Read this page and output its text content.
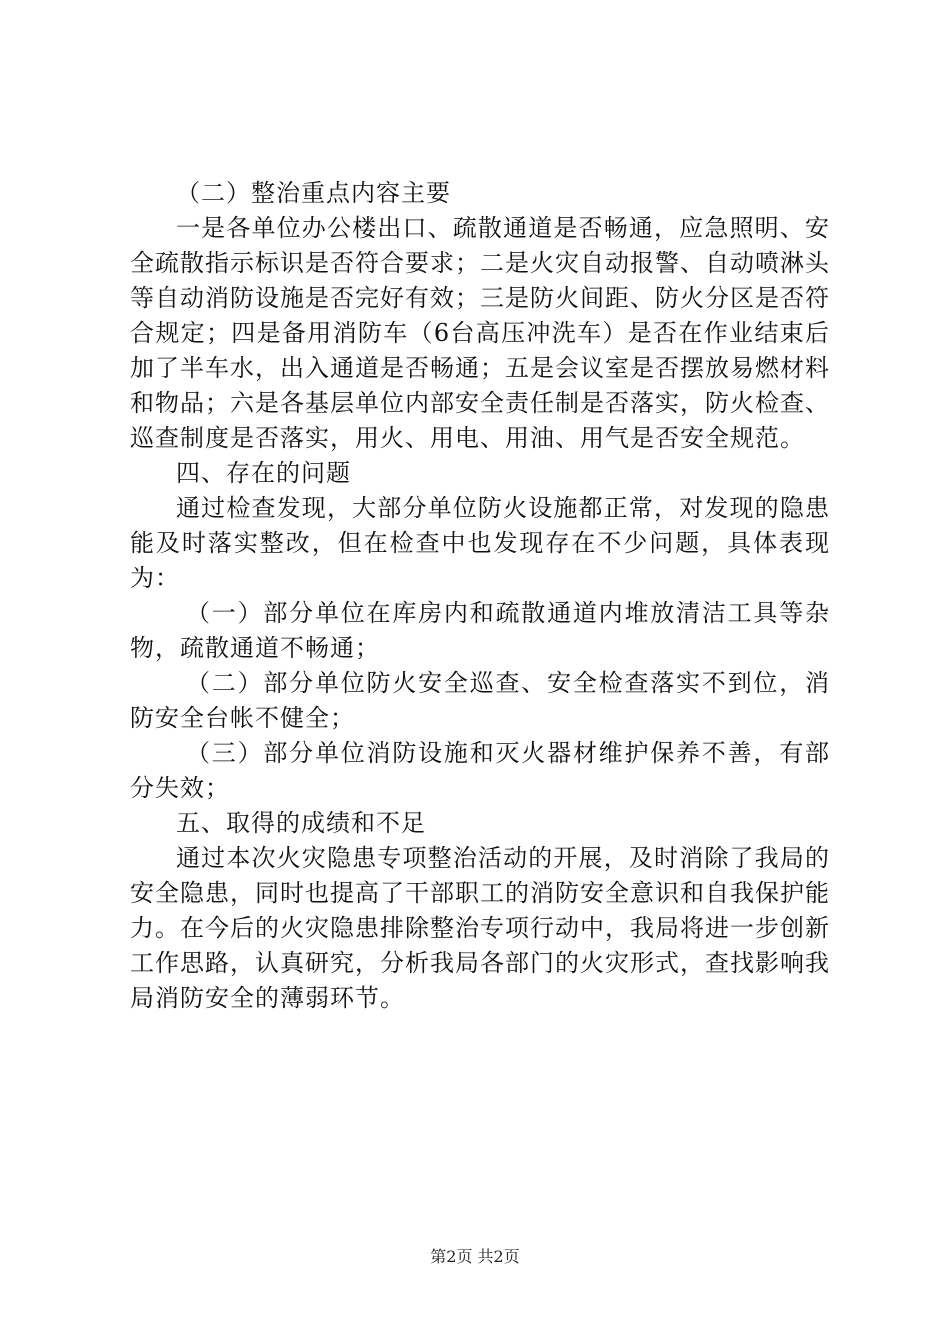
（二）整治重点内容主要

一是各单位办公楼出口、疏散通道是否畅通，应急照明、安全疏散指示标识是否符合要求；二是火灾自动报警、自动喷淋头等自动消防设施是否完好有效；三是防火间距、防火分区是否符合规定；四是备用消防车（6台高压冲洗车）是否在作业结束后加了半车水，出入通道是否畅通；五是会议室是否摆放易燃材料和物品；六是各基层单位内部安全责任制是否落实，防火检查、巡查制度是否落实，用火、用电、用油、用气是否安全规范。

四、存在的问题

通过检查发现，大部分单位防火设施都正常，对发现的隐患能及时落实整改，但在检查中也发现存在不少问题，具体表现为：

（一）部分单位在库房内和疏散通道内堆放清洁工具等杂物，疏散通道不畅通；

（二）部分单位防火安全巡查、安全检查落实不到位，消防安全台帐不健全；

（三）部分单位消防设施和灭火器材维护保养不善，有部分失效；

五、取得的成绩和不足

通过本次火灾隐患专项整治活动的开展，及时消除了我局的安全隐患，同时也提高了干部职工的消防安全意识和自我保护能力。在今后的火灾隐患排除整治专项行动中，我局将进一步创新工作思路，认真研究，分析我局各部门的火灾形式，查找影响我局消防安全的薄弱环节。

第2页 共2页
